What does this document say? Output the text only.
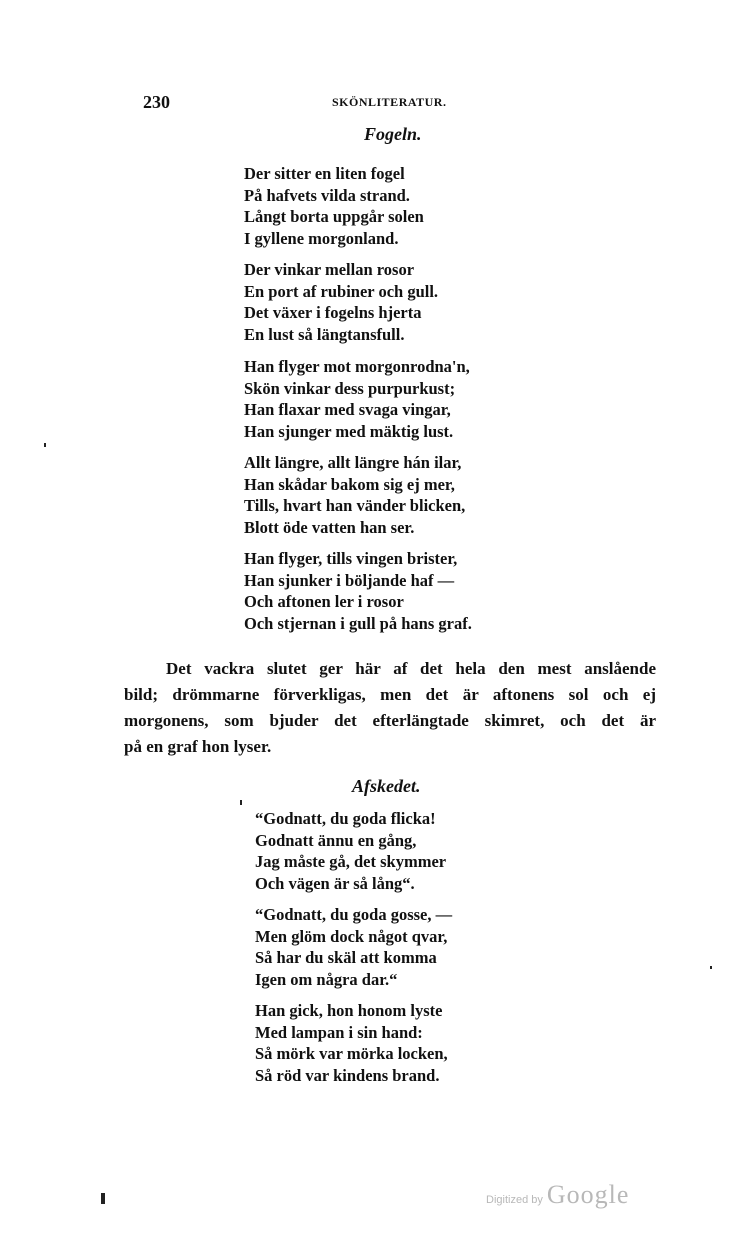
230	SKÖNLITERATUR.
Fogeln.
Der sitter en liten fogel
På hafvets vilda strand.
Långt borta uppgår solen
I gyllene morgonland.
Der vinkar mellan rosor
En port af rubiner och gull.
Det växer i fogelns hjerta
En lust så längtansfull.
Han flyger mot morgonrodna'n,
Skön vinkar dess purpurkust;
Han flaxar med svaga vingar,
Han sjunger med mäktig lust.
Allt längre, allt längre hán ilar,
Han skådar bakom sig ej mer,
Tills, hvart han vänder blicken,
Blott öde vatten han ser.
Han flyger, tills vingen brister,
Han sjunker i böljande haf —
Och aftonen ler i rosor
Och stjernan i gull på hans graf.
Det vackra slutet ger här af det hela den mest anslående
bild; drömmarne förverkligas, men det är aftonens sol och ej
morgonens, som bjuder det efterlängtade skimret, och det är
på en graf hon lyser.
Afskedet.
“Godnatt, du goda flicka!
Godnatt ännu en gång,
Jag måste gå, det skymmer
Och vägen är så lång“.
“Godnatt, du goda gosse, —
Men glöm dock något qvar,
Så har du skäl att komma
Igen om några dar.“
Han gick, hon honom lyste
Med lampan i sin hand:
Så mörk var mörka locken,
Så röd var kindens brand.
Digitized by Google
